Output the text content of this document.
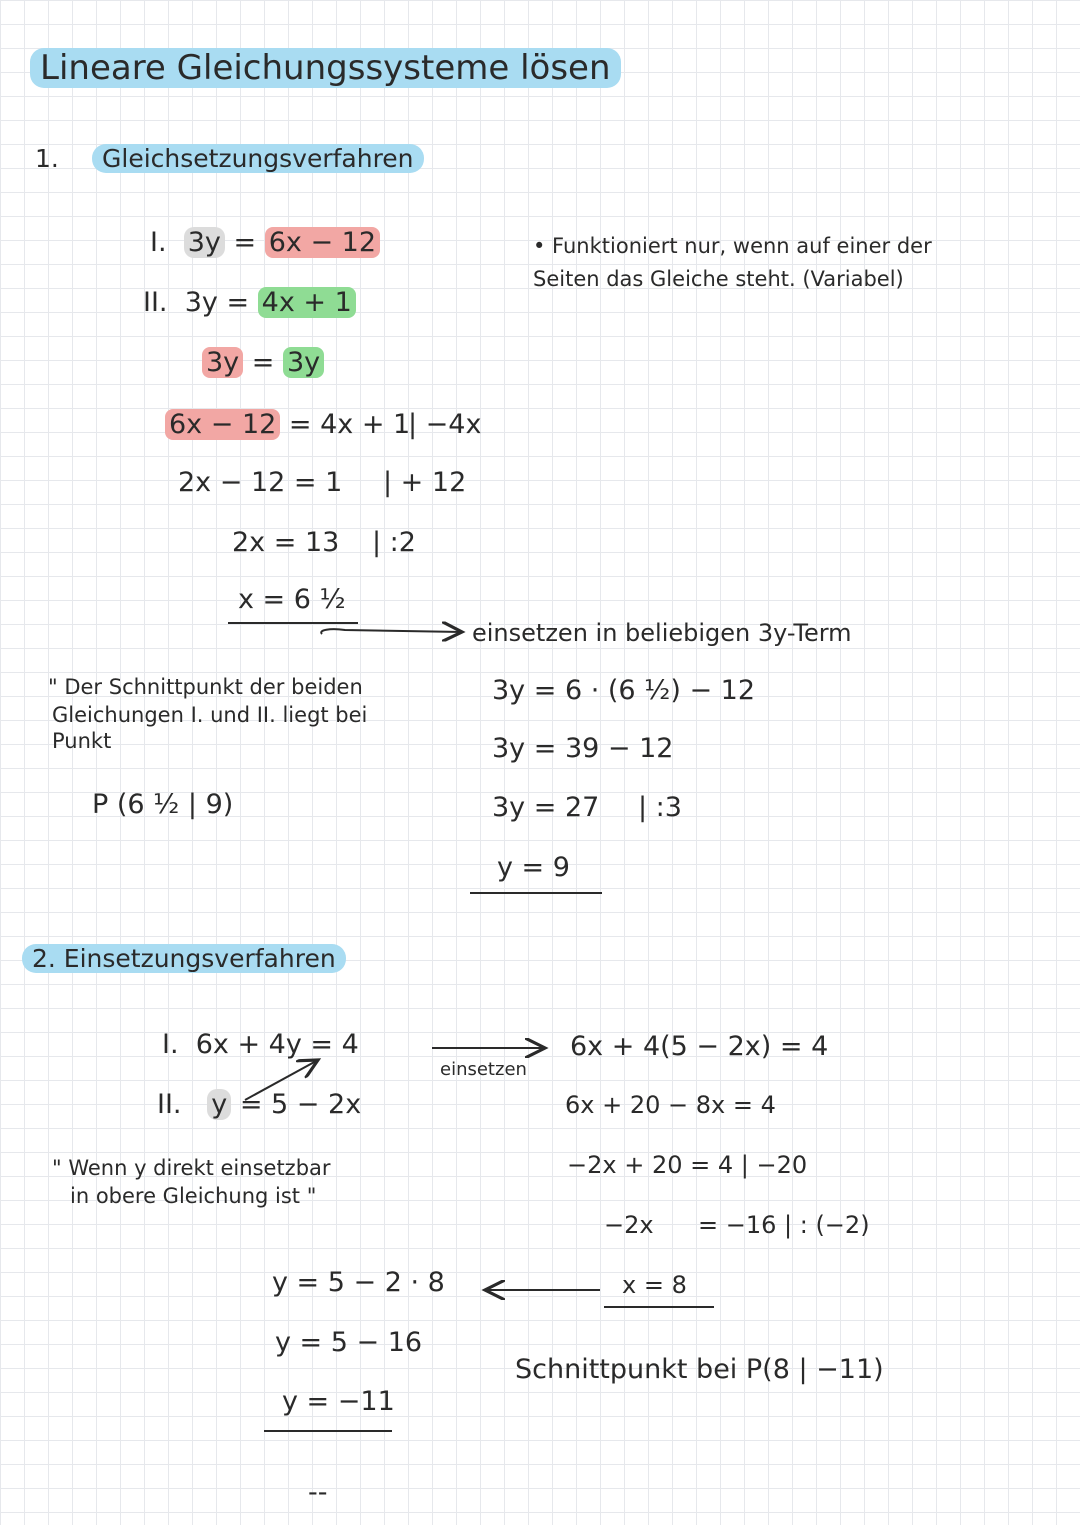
Lineare Gleichungssysteme lösen
1.	Gleichsetzungsverfahren
I. 3y = 6x − 12
II. 3y = 4x + 1
3y = 3y
6x − 12 = 4x + 1
| −4x
2x − 12 = 1 | + 12
2x = 13 | :2
x = 6 ½
• Funktioniert nur, wenn auf einer der
Seiten das Gleiche steht. (Variabel)
einsetzen in beliebigen 3y-Term
3y = 6 · (6 ½) − 12
3y = 39 − 12
3y = 27 | :3
y = 9
" Der Schnittpunkt der beiden
Gleichungen I. und II. liegt bei
Punkt
P (6 ½ | 9)
2. Einsetzungsverfahren
I. 6x + 4y = 4
II. y = 5 − 2x
einsetzen
" Wenn y direkt einsetzbar
in obere Gleichung ist "
6x + 4(5 − 2x) = 4
6x + 20 − 8x = 4
−2x + 20 = 4 | −20
−2x = −16 | : (−2)
x = 8
y = 5 − 2 · 8
y = 5 − 16
y = −11
Schnittpunkt bei P(8 | −11)
--
